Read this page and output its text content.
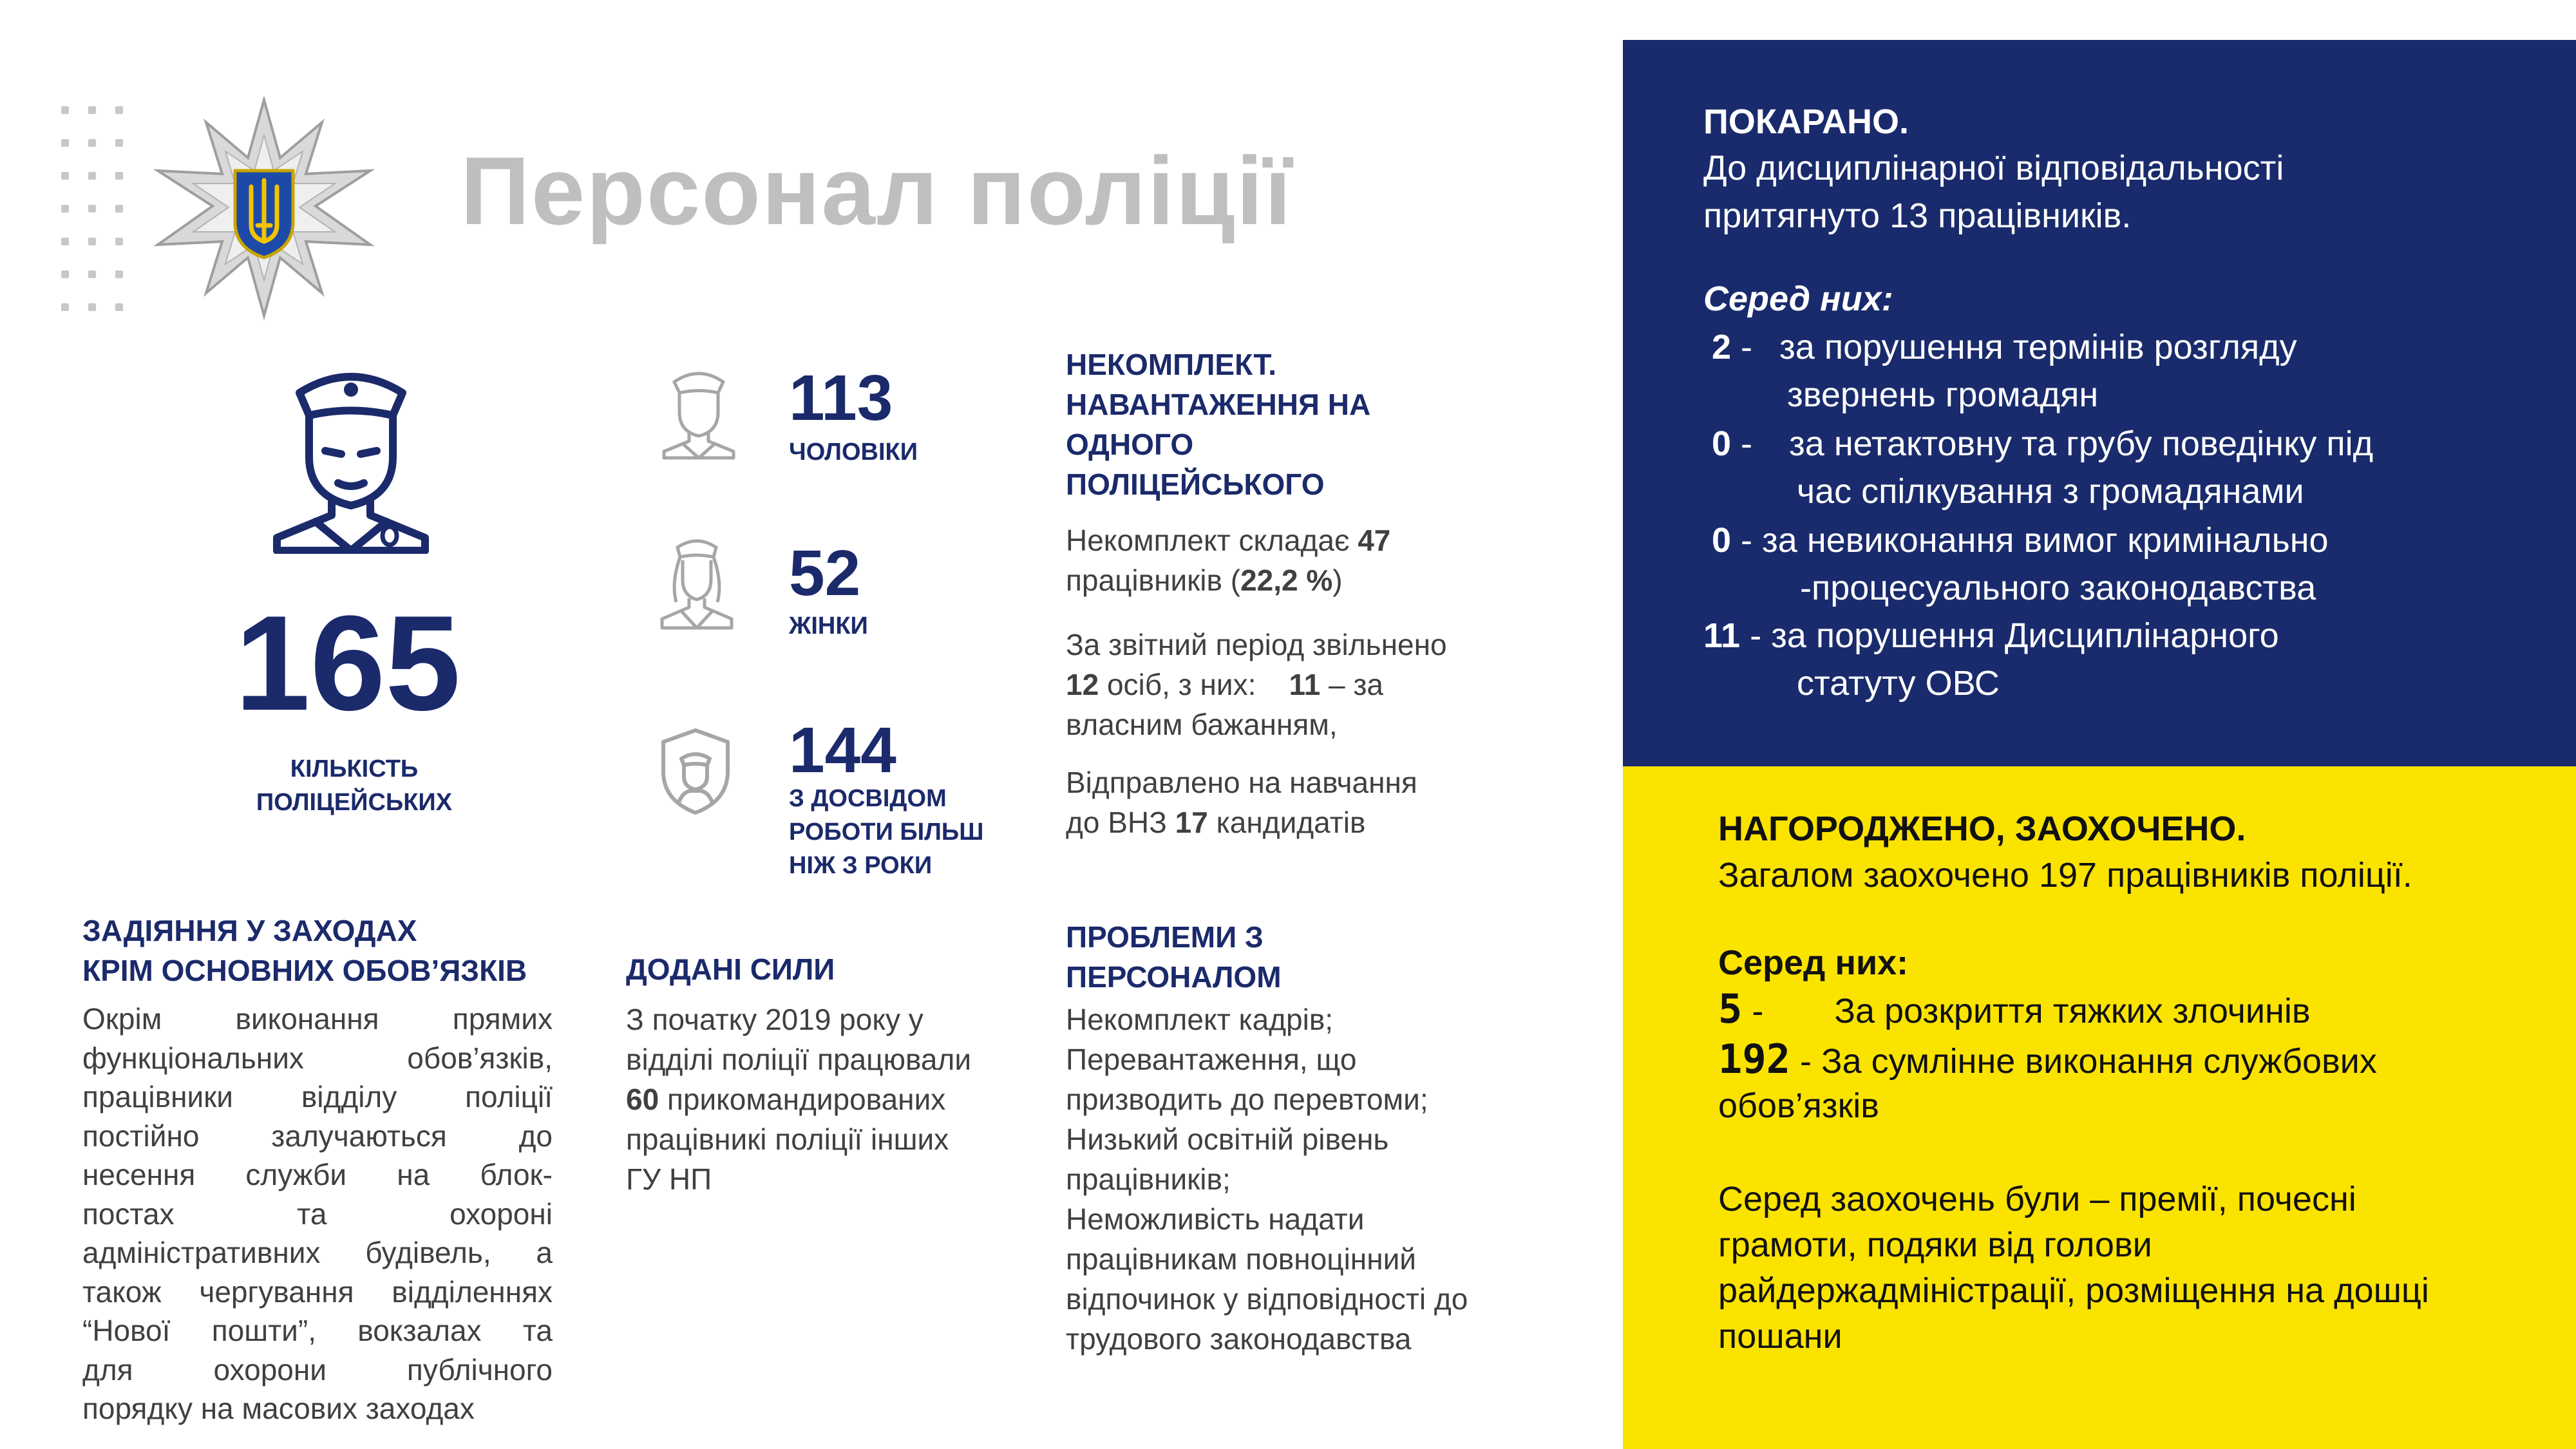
Персонал поліції
165
КІЛЬКІСТЬ
ПОЛІЦЕЙСЬКИХ
113
ЧОЛОВІКИ
52
ЖІНКИ
144
З ДОСВІДОМ
РОБОТИ БІЛЬШ
НІЖ З РОКИ
НЕКОМПЛЕКТ.
НАВАНТАЖЕННЯ НА
ОДНОГО
ПОЛІЦЕЙСЬКОГО
Некомплект складає 47
працівників (22,2 %)
За звітний період звільнено
12 осіб, з них:    11 – за
власним бажанням,
Відправлено на навчання
до ВНЗ 17 кандидатів
ЗАДІЯННЯ У ЗАХОДАХ
КРІМ ОСНОВНИХ ОБОВ’ЯЗКІВ
Окрім виконання прямих
функціональних обов’язків,
працівники відділу поліції
постійно залучаються до
несення служби на блок-
постах та охороні
адміністративних будівель, а
також чергування відділеннях
“Нової пошти”, вокзалах та
для охорони публічного
порядку на масових заходах
ДОДАНІ СИЛИ
З початку 2019 року у
відділі поліції працювали
60 прикомандированих
працівникі поліції інших
ГУ НП
ПРОБЛЕМИ З
ПЕРСОНАЛОМ
Некомплект кадрів;
Перевантаження, що
призводить до перевтоми;
Низький освітній рівень
працівників;
Неможливість надати
працівникам повноцінний
відпочинок у відповідності до
трудового законодавства
ПОКАРАНО.
До дисциплінарної відповідальності
притягнуто 13 працівників.
Серед них:
2 -  за порушення термінів розгляду
звернень громадян
0 -   за нетактовну та грубу поведінку під
час спілкування з громадянами
0 - за невиконання вимог кримінально
-процесуального законодавства
11 - за порушення Дисциплінарного
статуту ОВС
НАГОРОДЖЕНО, ЗАОХОЧЕНО.
Загалом заохочено 197 працівників поліції.
Серед них:
5 - За розкриття тяжких злочинів
192 - За сумлінне виконання службових
обов’язків
Серед заохочень були – премії, почесні
грамоти, подяки від голови
райдержадміністрації, розміщення на дошці
пошани
